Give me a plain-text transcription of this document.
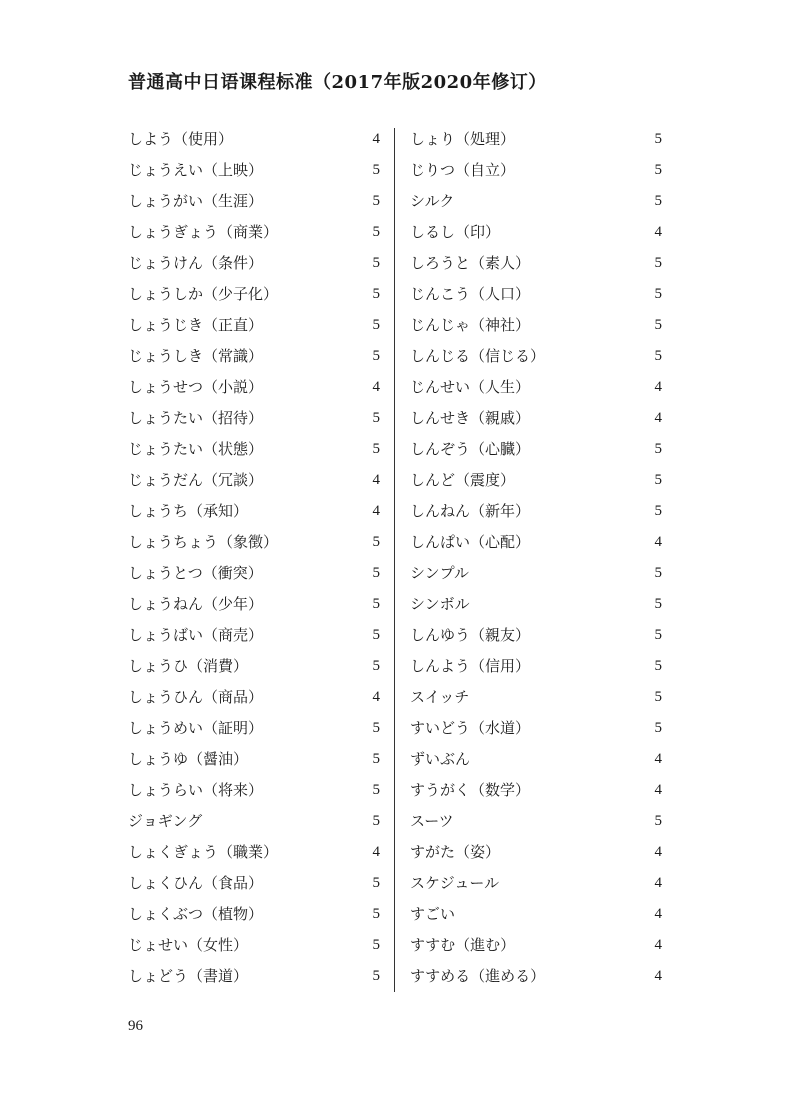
普通高中日语课程标准（2017年版2020年修订）
しよう（使用）	4
じょうえい（上映）	5
しょうがい（生涯）	5
しょうぎょう（商業）	5
じょうけん（条件）	5
しょうしか（少子化）	5
しょうじき（正直）	5
じょうしき（常識）	5
しょうせつ（小説）	4
しょうたい（招待）	5
じょうたい（状態）	5
じょうだん（冗談）	4
しょうち（承知）	4
しょうちょう（象徴）	5
しょうとつ（衝突）	5
しょうねん（少年）	5
しょうばい（商売）	5
しょうひ（消費）	5
しょうひん（商品）	4
しょうめい（証明）	5
しょうゆ（醤油）	5
しょうらい（将来）	5
ジョギング	5
しょくぎょう（職業）	4
しょくひん（食品）	5
しょくぶつ（植物）	5
じょせい（女性）	5
しょどう（書道）	5
しょり（処理）	5
じりつ（自立）	5
シルク	5
しるし（印）	4
しろうと（素人）	5
じんこう（人口）	5
じんじゃ（神社）	5
しんじる（信じる）	5
じんせい（人生）	4
しんせき（親戚）	4
しんぞう（心臓）	5
しんど（震度）	5
しんねん（新年）	5
しんぱい（心配）	4
シンプル	5
シンボル	5
しんゆう（親友）	5
しんよう（信用）	5
スイッチ	5
すいどう（水道）	5
ずいぶん	4
すうがく（数学）	4
スーツ	5
すがた（姿）	4
スケジュール	4
すごい	4
すすむ（進む）	4
すすめる（進める）	4
96
